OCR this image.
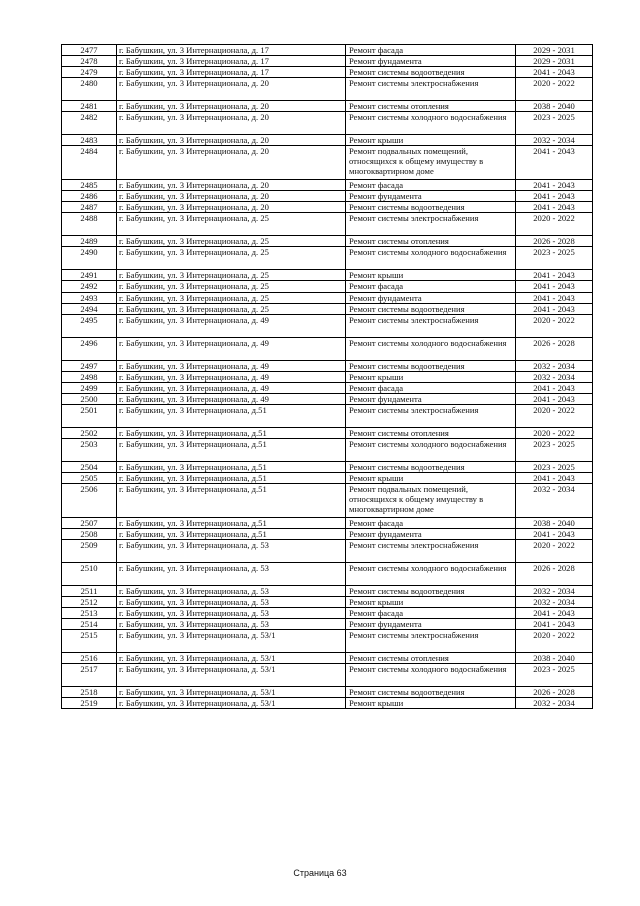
2477	г. Бабушкин, ул. 3 Интернационала, д. 17	Ремонт фасада	2029 - 2031
2478	г. Бабушкин, ул. 3 Интернационала, д. 17	Ремонт фундамента	2029 - 2031
2479	г. Бабушкин, ул. 3 Интернационала, д. 17	Ремонт системы водоотведения	2041 - 2043
2480	г. Бабушкин, ул. 3 Интернационала, д. 20	Ремонт системы электроснабжения	2020 - 2022
2481	г. Бабушкин, ул. 3 Интернационала, д. 20	Ремонт системы отопления	2038 - 2040
2482	г. Бабушкин, ул. 3 Интернационала, д. 20	Ремонт системы холодного водоснабжения	2023 - 2025
2483	г. Бабушкин, ул. 3 Интернационала, д. 20	Ремонт крыши	2032 - 2034
2484	г. Бабушкин, ул. 3 Интернационала, д. 20	Ремонт подвальных помещений, относящихся к общему имуществу в многоквартирном доме	2041 - 2043
2485	г. Бабушкин, ул. 3 Интернационала, д. 20	Ремонт фасада	2041 - 2043
2486	г. Бабушкин, ул. 3 Интернационала, д. 20	Ремонт фундамента	2041 - 2043
2487	г. Бабушкин, ул. 3 Интернационала, д. 20	Ремонт системы водоотведения	2041 - 2043
2488	г. Бабушкин, ул. 3 Интернационала, д. 25	Ремонт системы электроснабжения	2020 - 2022
2489	г. Бабушкин, ул. 3 Интернационала, д. 25	Ремонт системы отопления	2026 - 2028
2490	г. Бабушкин, ул. 3 Интернационала, д. 25	Ремонт системы холодного водоснабжения	2023 - 2025
2491	г. Бабушкин, ул. 3 Интернационала, д. 25	Ремонт крыши	2041 - 2043
2492	г. Бабушкин, ул. 3 Интернационала, д. 25	Ремонт фасада	2041 - 2043
2493	г. Бабушкин, ул. 3 Интернационала, д. 25	Ремонт фундамента	2041 - 2043
2494	г. Бабушкин, ул. 3 Интернационала, д. 25	Ремонт системы водоотведения	2041 - 2043
2495	г. Бабушкин, ул. 3 Интернационала, д. 49	Ремонт системы электроснабжения	2020 - 2022
2496	г. Бабушкин, ул. 3 Интернационала, д. 49	Ремонт системы холодного водоснабжения	2026 - 2028
2497	г. Бабушкин, ул. 3 Интернационала, д. 49	Ремонт системы водоотведения	2032 - 2034
2498	г. Бабушкин, ул. 3 Интернационала, д. 49	Ремонт крыши	2032 - 2034
2499	г. Бабушкин, ул. 3 Интернационала, д. 49	Ремонт фасада	2041 - 2043
2500	г. Бабушкин, ул. 3 Интернационала, д. 49	Ремонт фундамента	2041 - 2043
2501	г. Бабушкин, ул. 3 Интернационала, д.51	Ремонт системы электроснабжения	2020 - 2022
2502	г. Бабушкин, ул. 3 Интернационала, д.51	Ремонт системы отопления	2020 - 2022
2503	г. Бабушкин, ул. 3 Интернационала, д.51	Ремонт системы холодного водоснабжения	2023 - 2025
2504	г. Бабушкин, ул. 3 Интернационала, д.51	Ремонт системы водоотведения	2023 - 2025
2505	г. Бабушкин, ул. 3 Интернационала, д.51	Ремонт крыши	2041 - 2043
2506	г. Бабушкин, ул. 3 Интернационала, д.51	Ремонт подвальных помещений, относящихся к общему имуществу в многоквартирном доме	2032 - 2034
2507	г. Бабушкин, ул. 3 Интернационала, д.51	Ремонт фасада	2038 - 2040
2508	г. Бабушкин, ул. 3 Интернационала, д.51	Ремонт фундамента	2041 - 2043
2509	г. Бабушкин, ул. 3 Интернационала, д. 53	Ремонт системы электроснабжения	2020 - 2022
2510	г. Бабушкин, ул. 3 Интернационала, д. 53	Ремонт системы холодного водоснабжения	2026 - 2028
2511	г. Бабушкин, ул. 3 Интернационала, д. 53	Ремонт системы водоотведения	2032 - 2034
2512	г. Бабушкин, ул. 3 Интернационала, д. 53	Ремонт крыши	2032 - 2034
2513	г. Бабушкин, ул. 3 Интернационала, д. 53	Ремонт фасада	2041 - 2043
2514	г. Бабушкин, ул. 3 Интернационала, д. 53	Ремонт фундамента	2041 - 2043
2515	г. Бабушкин, ул. 3 Интернационала, д. 53/1	Ремонт системы электроснабжения	2020 - 2022
2516	г. Бабушкин, ул. 3 Интернационала, д. 53/1	Ремонт системы отопления	2038 - 2040
2517	г. Бабушкин, ул. 3 Интернационала, д. 53/1	Ремонт системы холодного водоснабжения	2023 - 2025
2518	г. Бабушкин, ул. 3 Интернационала, д. 53/1	Ремонт системы водоотведения	2026 - 2028
2519	г. Бабушкин, ул. 3 Интернационала, д. 53/1	Ремонт крыши	2032 - 2034
Страница 63
